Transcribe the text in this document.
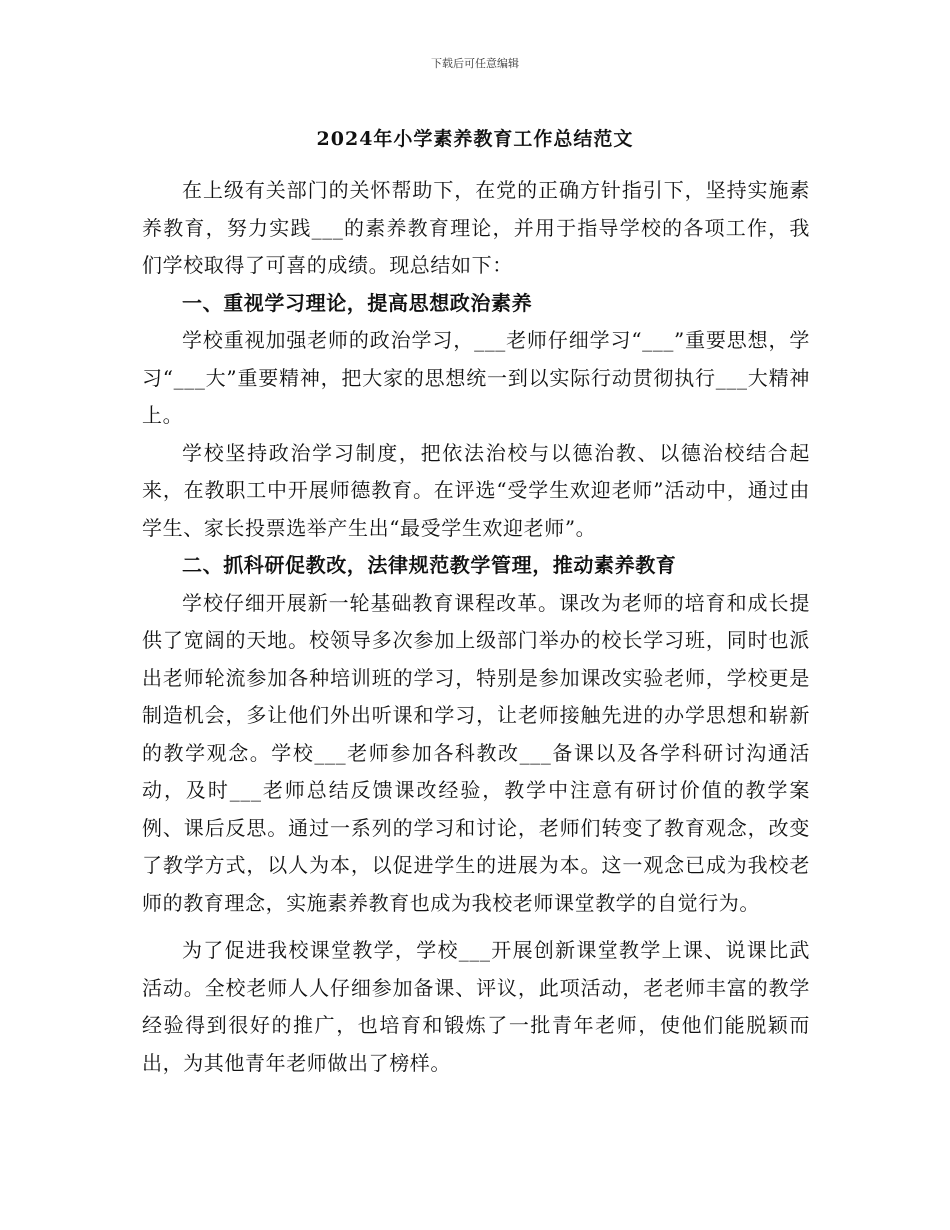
下载后可任意编辑
2024年小学素养教育工作总结范文

在上级有关部门的关怀帮助下，在党的正确方针指引下，坚持实施素养教育，努力实践___的素养教育理论，并用于指导学校的各项工作，我们学校取得了可喜的成绩。现总结如下：

一、重视学习理论，提高思想政治素养

学校重视加强老师的政治学习，___老师仔细学习“___”重要思想，学习“___大”重要精神，把大家的思想统一到以实际行动贯彻执行___大精神上。

学校坚持政治学习制度，把依法治校与以德治教、以德治校结合起来，在教职工中开展师德教育。在评选“受学生欢迎老师”活动中，通过由学生、家长投票选举产生出“最受学生欢迎老师”。

二、抓科研促教改，法律规范教学管理，推动素养教育

学校仔细开展新一轮基础教育课程改革。课改为老师的培育和成长提供了宽阔的天地。校领导多次参加上级部门举办的校长学习班，同时也派出老师轮流参加各种培训班的学习，特别是参加课改实验老师，学校更是制造机会，多让他们外出听课和学习，让老师接触先进的办学思想和崭新的教学观念。学校___老师参加各科教改___备课以及各学科研讨沟通活动，及时___老师总结反馈课改经验，教学中注意有研讨价值的教学案例、课后反思。通过一系列的学习和讨论，老师们转变了教育观念，改变了教学方式，以人为本，以促进学生的进展为本。这一观念已成为我校老师的教育理念，实施素养教育也成为我校老师课堂教学的自觉行为。

为了促进我校课堂教学，学校___开展创新课堂教学上课、说课比武活动。全校老师人人仔细参加备课、评议，此项活动，老老师丰富的教学经验得到很好的推广，也培育和锻炼了一批青年老师，使他们能脱颖而出，为其他青年老师做出了榜样。
